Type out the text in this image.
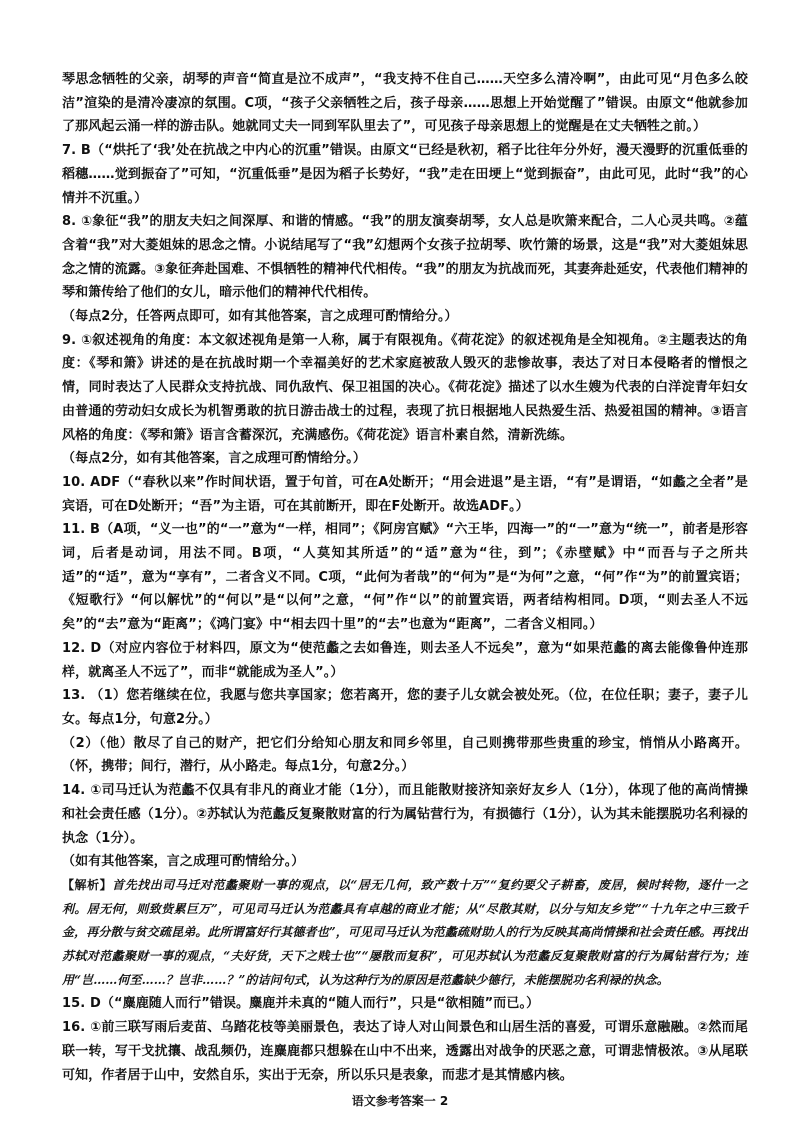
琴思念牺牲的父亲，胡琴的声音“简直是泣不成声”，“我支持不住自己……天空多么清冷啊”，由此可见“月色多么皎洁”渲染的是清冷凄凉的氛围。C项，“孩子父亲牺牲之后，孩子母亲……思想上开始觉醒了”错误。由原文“他就参加了那风起云涌一样的游击队。她就同丈夫一同到军队里去了”，可见孩子母亲思想上的觉醒是在丈夫牺牲之前。）

7. B（“烘托了‘我’处在抗战之中内心的沉重”错误。由原文“已经是秋初，稻子比往年分外好，漫天漫野的沉重低垂的稻穗……觉到振奋了”可知，“沉重低垂”是因为稻子长势好，“我”走在田埂上“觉到振奋”，由此可见，此时“我”的心情并不沉重。）

8. ①象征“我”的朋友夫妇之间深厚、和谐的情感。“我”的朋友演奏胡琴，女人总是吹箫来配合，二人心灵共鸣。②蕴含着“我”对大菱姐妹的思念之情。小说结尾写了“我”幻想两个女孩子拉胡琴、吹竹箫的场景，这是“我”对大菱姐妹思念之情的流露。③象征奔赴国难、不惧牺牲的精神代代相传。“我”的朋友为抗战而死，其妻奔赴延安，代表他们精神的琴和箫传给了他们的女儿，暗示他们的精神代代相传。

（每点2分，任答两点即可，如有其他答案，言之成理可酌情给分。）

9. ①叙述视角的角度：本文叙述视角是第一人称，属于有限视角。《荷花淀》的叙述视角是全知视角。②主题表达的角度：《琴和箫》讲述的是在抗战时期一个幸福美好的艺术家庭被敌人毁灭的悲惨故事，表达了对日本侵略者的憎恨之情，同时表达了人民群众支持抗战、同仇敌忾、保卫祖国的决心。《荷花淀》描述了以水生嫂为代表的白洋淀青年妇女由普通的劳动妇女成长为机智勇敢的抗日游击战士的过程，表现了抗日根据地人民热爱生活、热爱祖国的精神。③语言风格的角度：《琴和箫》语言含蓄深沉，充满感伤。《荷花淀》语言朴素自然，清新洗练。

（每点2分，如有其他答案，言之成理可酌情给分。）

10. ADF（“春秋以来”作时间状语，置于句首，可在A处断开；“用会进退”是主语，“有”是谓语，“如蠡之全者”是宾语，可在D处断开；“吾”为主语，可在其前断开，即在F处断开。故选ADF。）

11. B（A项，“义一也”的“一”意为“一样，相同”；《阿房宫赋》“六王毕，四海一”的“一”意为“统一”，前者是形容词，后者是动词，用法不同。B项，“人莫知其所适”的“适”意为“往，到”；《赤壁赋》中“而吾与子之所共适”的“适”，意为“享有”，二者含义不同。C项，“此何为者哉”的“何为”是“为何”之意，“何”作“为”的前置宾语；《短歌行》“何以解忧”的“何以”是“以何”之意，“何”作“以”的前置宾语，两者结构相同。D项，“则去圣人不远矣”的“去”意为“距离”；《鸿门宴》中“相去四十里”的“去”也意为“距离”，二者含义相同。）

12. D（对应内容位于材料四，原文为“使范蠡之去如鲁连，则去圣人不远矣”，意为“如果范蠡的离去能像鲁仲连那样，就离圣人不远了”，而非“就能成为圣人”。）

13. （1）您若继续在位，我愿与您共享国家；您若离开，您的妻子儿女就会被处死。（位，在位任职；妻子，妻子儿女。每点1分，句意2分。）

（2）（他）散尽了自己的财产，把它们分给知心朋友和同乡邻里，自己则携带那些贵重的珍宝，悄悄从小路离开。（怀，携带；间行，潜行，从小路走。每点1分，句意2分。）

14. ①司马迁认为范蠡不仅具有非凡的商业才能（1分），而且能散财接济知亲好友乡人（1分），体现了他的高尚情操和社会责任感（1分）。②苏轼认为范蠡反复聚散财富的行为属钻营行为，有损德行（1分），认为其未能摆脱功名利禄的执念（1分）。

（如有其他答案，言之成理可酌情给分。）

【解析】首先找出司马迁对范蠡聚财一事的观点，以“居无几何，致产数十万”“复约要父子耕畜，废居，候时转物，逐什一之利。居无何，则致赀累巨万”，可见司马迁认为范蠡具有卓越的商业才能；从“尽散其财，以分与知友乡党”“十九年之中三致千金，再分散与贫交疏昆弟。此所谓富好行其德者也”，可见司马迁认为范蠡疏财助人的行为反映其高尚情操和社会责任感。再找出苏轼对范蠡聚财一事的观点，“夫好货，天下之贱士也”“屡散而复积”，可见苏轼认为范蠡反复聚散财富的行为属钻营行为；连用“岂……何至……？岂非……？”的诘问句式，认为这种行为的原因是范蠡缺少德行，未能摆脱功名利禄的执念。

15. D（“麋鹿随人而行”错误。麋鹿并未真的“随人而行”，只是“欲相随”而已。）

16. ①前三联写雨后麦苗、乌踏花枝等美丽景色，表达了诗人对山间景色和山居生活的喜爱，可谓乐意融融。②然而尾联一转，写干戈扰攘、战乱频仍，连麋鹿都只想躲在山中不出来，透露出对战争的厌恶之意，可谓悲情极浓。③从尾联可知，作者居于山中，安然自乐，实出于无奈，所以乐只是表象，而悲才是其情感内核。

语文参考答案一 2
